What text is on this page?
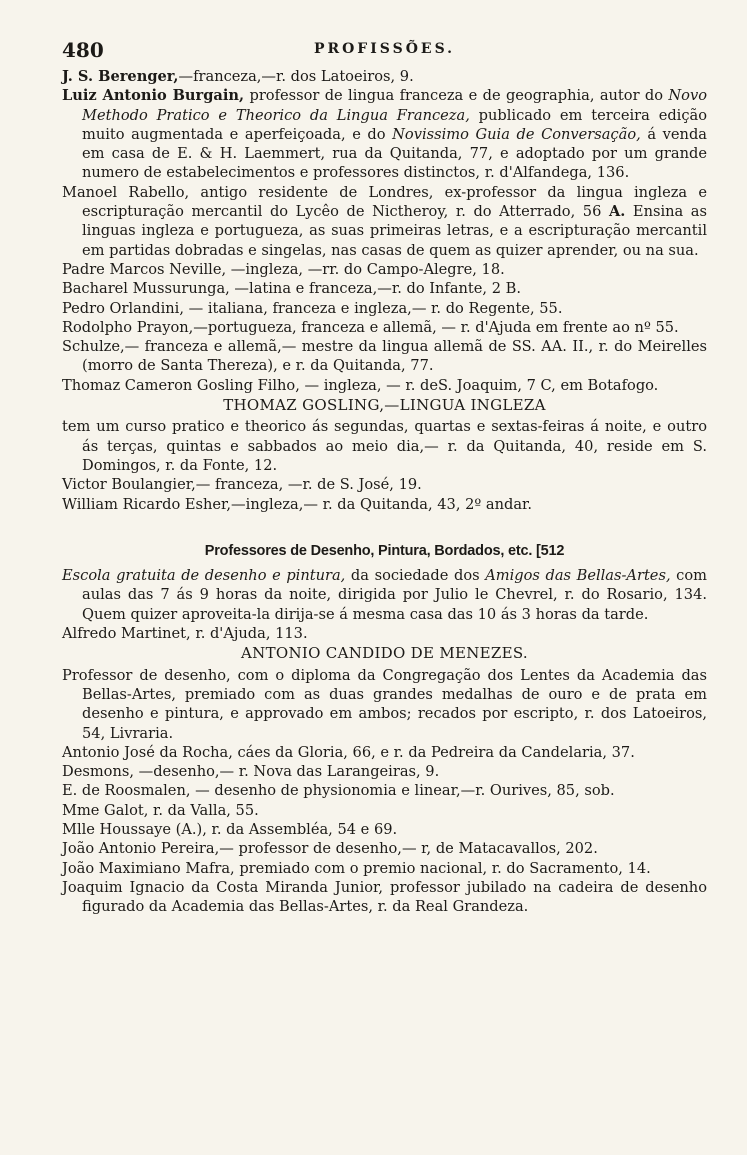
480	PROFISSÕES.

J. S. Berenger,—franceza,—r. dos Latoeiros, 9.

Luiz Antonio Burgain, professor de lingua franceza e de geographia, autor do Novo Methodo Pratico e Theorico da Lingua Franceza, publicado em terceira edição muito augmentada e aperfeiçoada, e do Novissimo Guia de Conversação, á venda em casa de E. & H. Laemmert, rua da Quitanda, 77, e adoptado por um grande numero de estabelecimentos e professores distinctos, r. d'Alfandega, 136.

Manoel Rabello, antigo residente de Londres, ex-professor da lingua ingleza e escripturação mercantil do Lycêo de Nictheroy, r. do Atterrado, 56 A. Ensina as linguas ingleza e portugueza, as suas primeiras letras, e a escripturação mercantil em partidas dobradas e singelas, nas casas de quem as quizer aprender, ou na sua.

Padre Marcos Neville, —ingleza, —rr. do Campo-Alegre, 18.

Bacharel Mussurunga, —latina e franceza,—r. do Infante, 2 B.

Pedro Orlandini, — italiana, franceza e ingleza,— r. do Regente, 55.

Rodolpho Prayon,—portugueza, franceza e allemã, — r. d'Ajuda em frente ao nº 55.

Schulze,— franceza e allemã,— mestre da lingua allemã de SS. AA. II., r. do Meirelles (morro de Santa Thereza), e r. da Quitanda, 77.

Thomaz Cameron Gosling Filho, — ingleza, — r. deS. Joaquim, 7 C, em Botafogo.

THOMAZ GOSLING,—LINGUA INGLEZA

tem um curso pratico e theorico ás segundas, quartas e sextas-feiras á noite, e outro ás terças, quintas e sabbados ao meio dia,— r. da Quitanda, 40, reside em S. Domingos, r. da Fonte, 12.

Victor Boulangier,— franceza, —r. de S. José, 19.

William Ricardo Esher,—ingleza,— r. da Quitanda, 43, 2º andar.

Professores de Desenho, Pintura, Bordados, etc. [512

Escola gratuita de desenho e pintura, da sociedade dos Amigos das Bellas-Artes, com aulas das 7 ás 9 horas da noite, dirigida por Julio le Chevrel, r. do Rosario, 134. Quem quizer aproveita-la dirija-se á mesma casa das 10 ás 3 horas da tarde.

Alfredo Martinet, r. d'Ajuda, 113.

ANTONIO CANDIDO DE MENEZES.

Professor de desenho, com o diploma da Congregação dos Lentes da Academia das Bellas-Artes, premiado com as duas grandes medalhas de ouro e de prata em desenho e pintura, e approvado em ambos; recados por escripto, r. dos Latoeiros, 54, Livraria.

Antonio José da Rocha, cáes da Gloria, 66, e r. da Pedreira da Candelaria, 37.

Desmons, —desenho,— r. Nova das Larangeiras, 9.

E. de Roosmalen, — desenho de physionomia e linear,—r. Ourives, 85, sob.

Mme Galot, r. da Valla, 55.

Mlle Houssaye (A.), r. da Assembléa, 54 e 69.

João Antonio Pereira,— professor de desenho,— r, de Matacavallos, 202.

João Maximiano Mafra, premiado com o premio nacional, r. do Sacramento, 14.

Joaquim Ignacio da Costa Miranda Junior, professor jubilado na cadeira de desenho figurado da Academia das Bellas-Artes, r. da Real Grandeza.
